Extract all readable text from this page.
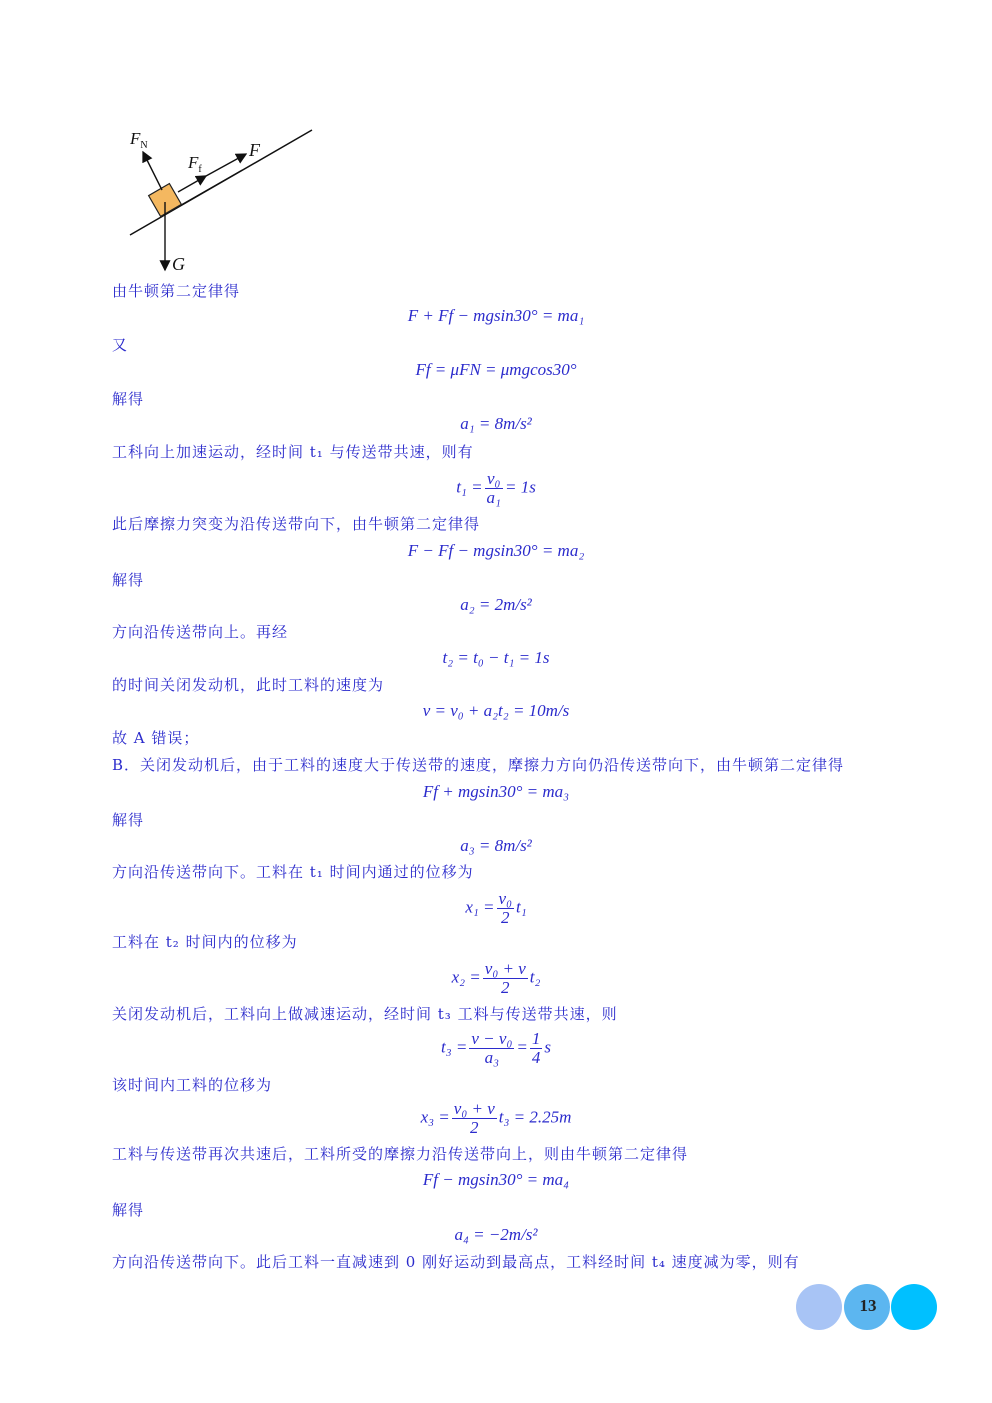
$F_N$
$F_f$
F
G
由牛顿第二定律得
F + Ff − mgsin30° = ma₁
又
Ff = μFN = μmgcos30°
解得
a₁ = 8m/s²
工科向上加速运动，经时间 t₁ 与传送带共速，则有
$t_1 = \frac{\text{v₀}}{\text{a₁}} = 1s$
此后摩擦力突变为沿传送带向下，由牛顿第二定律得
F − Ff − mgsin30° = ma₂
解得
a₂ = 2m/s²
方向沿传送带向上。再经
t₂ = t₀ − t₁ = 1s
的时间关闭发动机，此时工料的速度为
v = v₀ + a₂t₂ = 10m/s
故 A 错误；
B．关闭发动机后，由于工料的速度大于传送带的速度，摩擦力方向仍沿传送带向下，由牛顿第二定律得
Ff + mgsin30° = ma₃
解得
a₃ = 8m/s²
方向沿传送带向下。工料在 t₁ 时间内通过的位移为
$x_1 = \frac{\text{v₀}}{2} t_1$
工料在 t₂ 时间内的位移为
$x_2 = \frac{\text{v₀ + v}}{2} t_2$
关闭发动机后，工料向上做减速运动，经时间 t₃ 工料与传送带共速，则
$t_3 = \frac{\text{v − v₀}}{\text{a₃}} = \frac{1}{4}$ s
该时间内工料的位移为
$x_3 = \frac{\text{v₀ + v}}{2} t_3 = 2.25m$
工料与传送带再次共速后，工料所受的摩擦力沿传送带向上，则由牛顿第二定律得
Ff − mgsin30° = ma₄
解得
a₄ = −2m/s²
方向沿传送带向下。此后工料一直减速到 0 刚好运动到最高点，工料经时间 t₄ 速度减为零，则有
13
